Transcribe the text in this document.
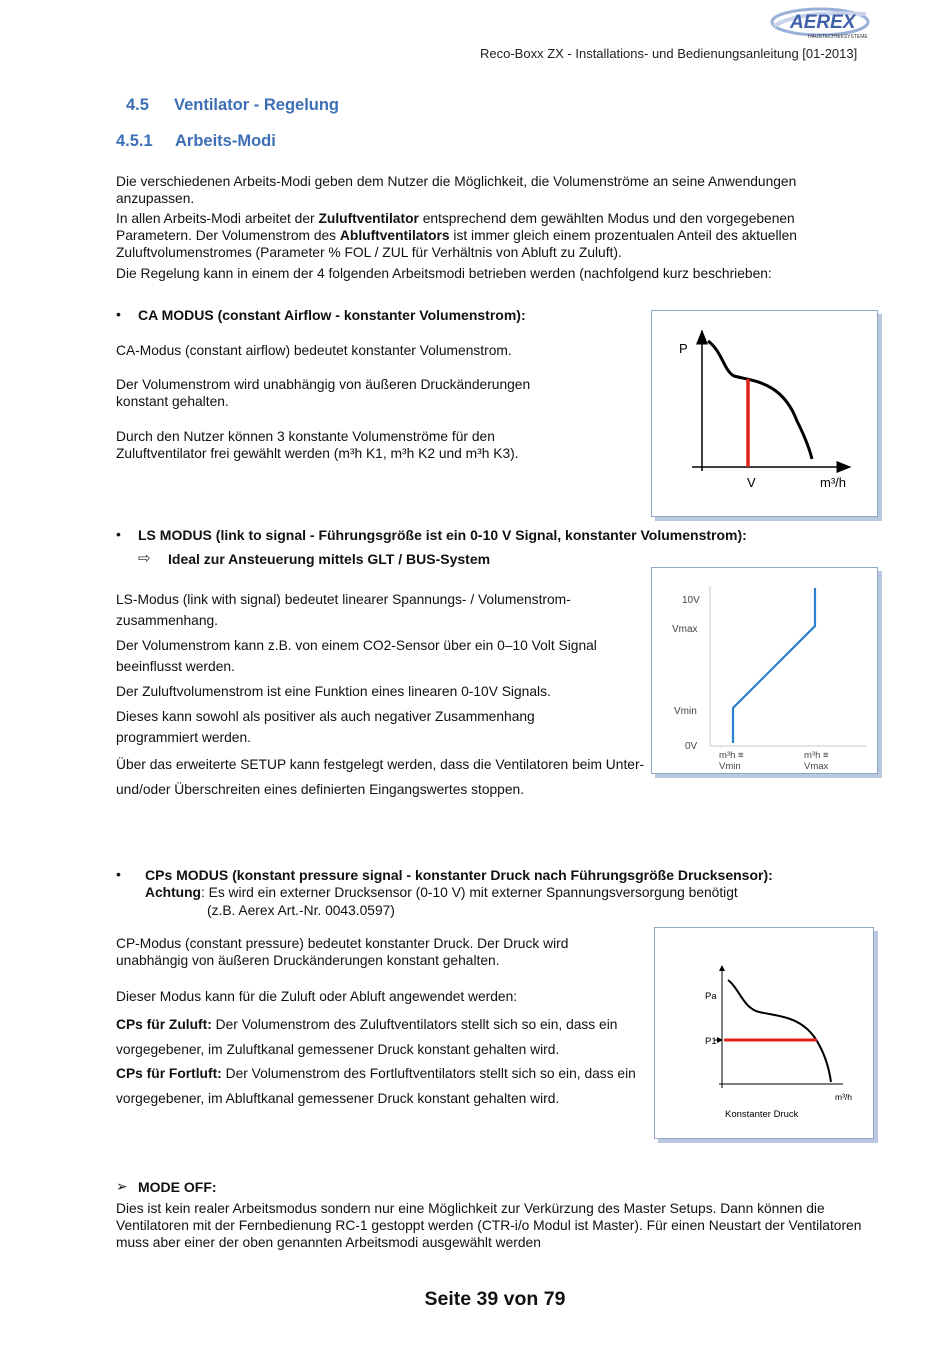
AEREX
HAUSTECHNIKSYSTEME
Reco-Boxx ZX - Installations- und Bedienungsanleitung [01-2013]
4.5 Ventilator - Regelung
4.5.1 Arbeits-Modi
Die verschiedenen Arbeits-Modi geben dem Nutzer die Möglichkeit, die Volumenströme an seine Anwendungen anzupassen.
In allen Arbeits-Modi arbeitet der Zuluftventilator entsprechend dem gewählten Modus und den vorgegebenen Parametern. Der Volumenstrom des Abluftventilators ist immer gleich einem prozentualen Anteil des aktuellen Zuluftvolumenstromes (Parameter % FOL / ZUL für Verhältnis von Abluft zu Zuluft).
Die Regelung kann in einem der 4 folgenden Arbeitsmodi betrieben werden (nachfolgend kurz beschrieben:
• CA MODUS (constant Airflow - konstanter Volumenstrom):
CA-Modus (constant airflow) bedeutet konstanter Volumenstrom.
Der Volumenstrom wird unabhängig von äußeren Druckänderungen konstant gehalten.
Durch den Nutzer können 3 konstante Volumenströme für den Zuluftventilator frei gewählt werden (m³h K1, m³h K2 und m³h K3).
P
V	m³/h
• LS MODUS (link to signal - Führungsgröße ist ein 0-10 V Signal, konstanter Volumenstrom):
⇨ Ideal zur Ansteuerung mittels GLT / BUS-System
LS-Modus (link with signal) bedeutet linearer Spannungs- / Volumenstrom-zusammenhang.
Der Volumenstrom kann z.B. von einem CO2-Sensor über ein 0–10 Volt Signal beeinflusst werden.
Der Zuluftvolumenstrom ist eine Funktion eines linearen 0-10V Signals.
Dieses kann sowohl als positiver als auch negativer Zusammenhang programmiert werden.
Über das erweiterte SETUP kann festgelegt werden, dass die Ventilatoren beim Unter- und/oder Überschreiten eines definierten Eingangswertes stoppen.
10V
Vmax
Vmin
0V
m³h ≡
Vmin
m³h ≡
Vmax
• CPs MODUS (konstant pressure signal - konstanter Druck nach Führungsgröße Drucksensor):
Achtung: Es wird ein externer Drucksensor (0-10 V) mit externer Spannungsversorgung benötigt
(z.B. Aerex Art.-Nr. 0043.0597)
CP-Modus (constant pressure) bedeutet konstanter Druck. Der Druck wird unabhängig von äußeren Druckänderungen konstant gehalten.
Dieser Modus kann für die Zuluft oder Abluft angewendet werden:
CPs für Zuluft: Der Volumenstrom des Zuluftventilators stellt sich so ein, dass ein vorgegebener, im Zuluftkanal gemessener Druck konstant gehalten wird.
CPs für Fortluft: Der Volumenstrom des Fortluftventilators stellt sich so ein, dass ein vorgegebener, im Abluftkanal gemessener Druck konstant gehalten wird.
Pa
P1
m³/h
Konstanter Druck
➢ MODE OFF:
Dies ist kein realer Arbeitsmodus sondern nur eine Möglichkeit zur Verkürzung des Master Setups. Dann können die Ventilatoren mit der Fernbedienung RC-1 gestoppt werden (CTR-i/o Modul ist Master). Für einen Neustart der Ventilatoren muss aber einer der oben genannten Arbeitsmodi ausgewählt werden
Seite 39 von 79
